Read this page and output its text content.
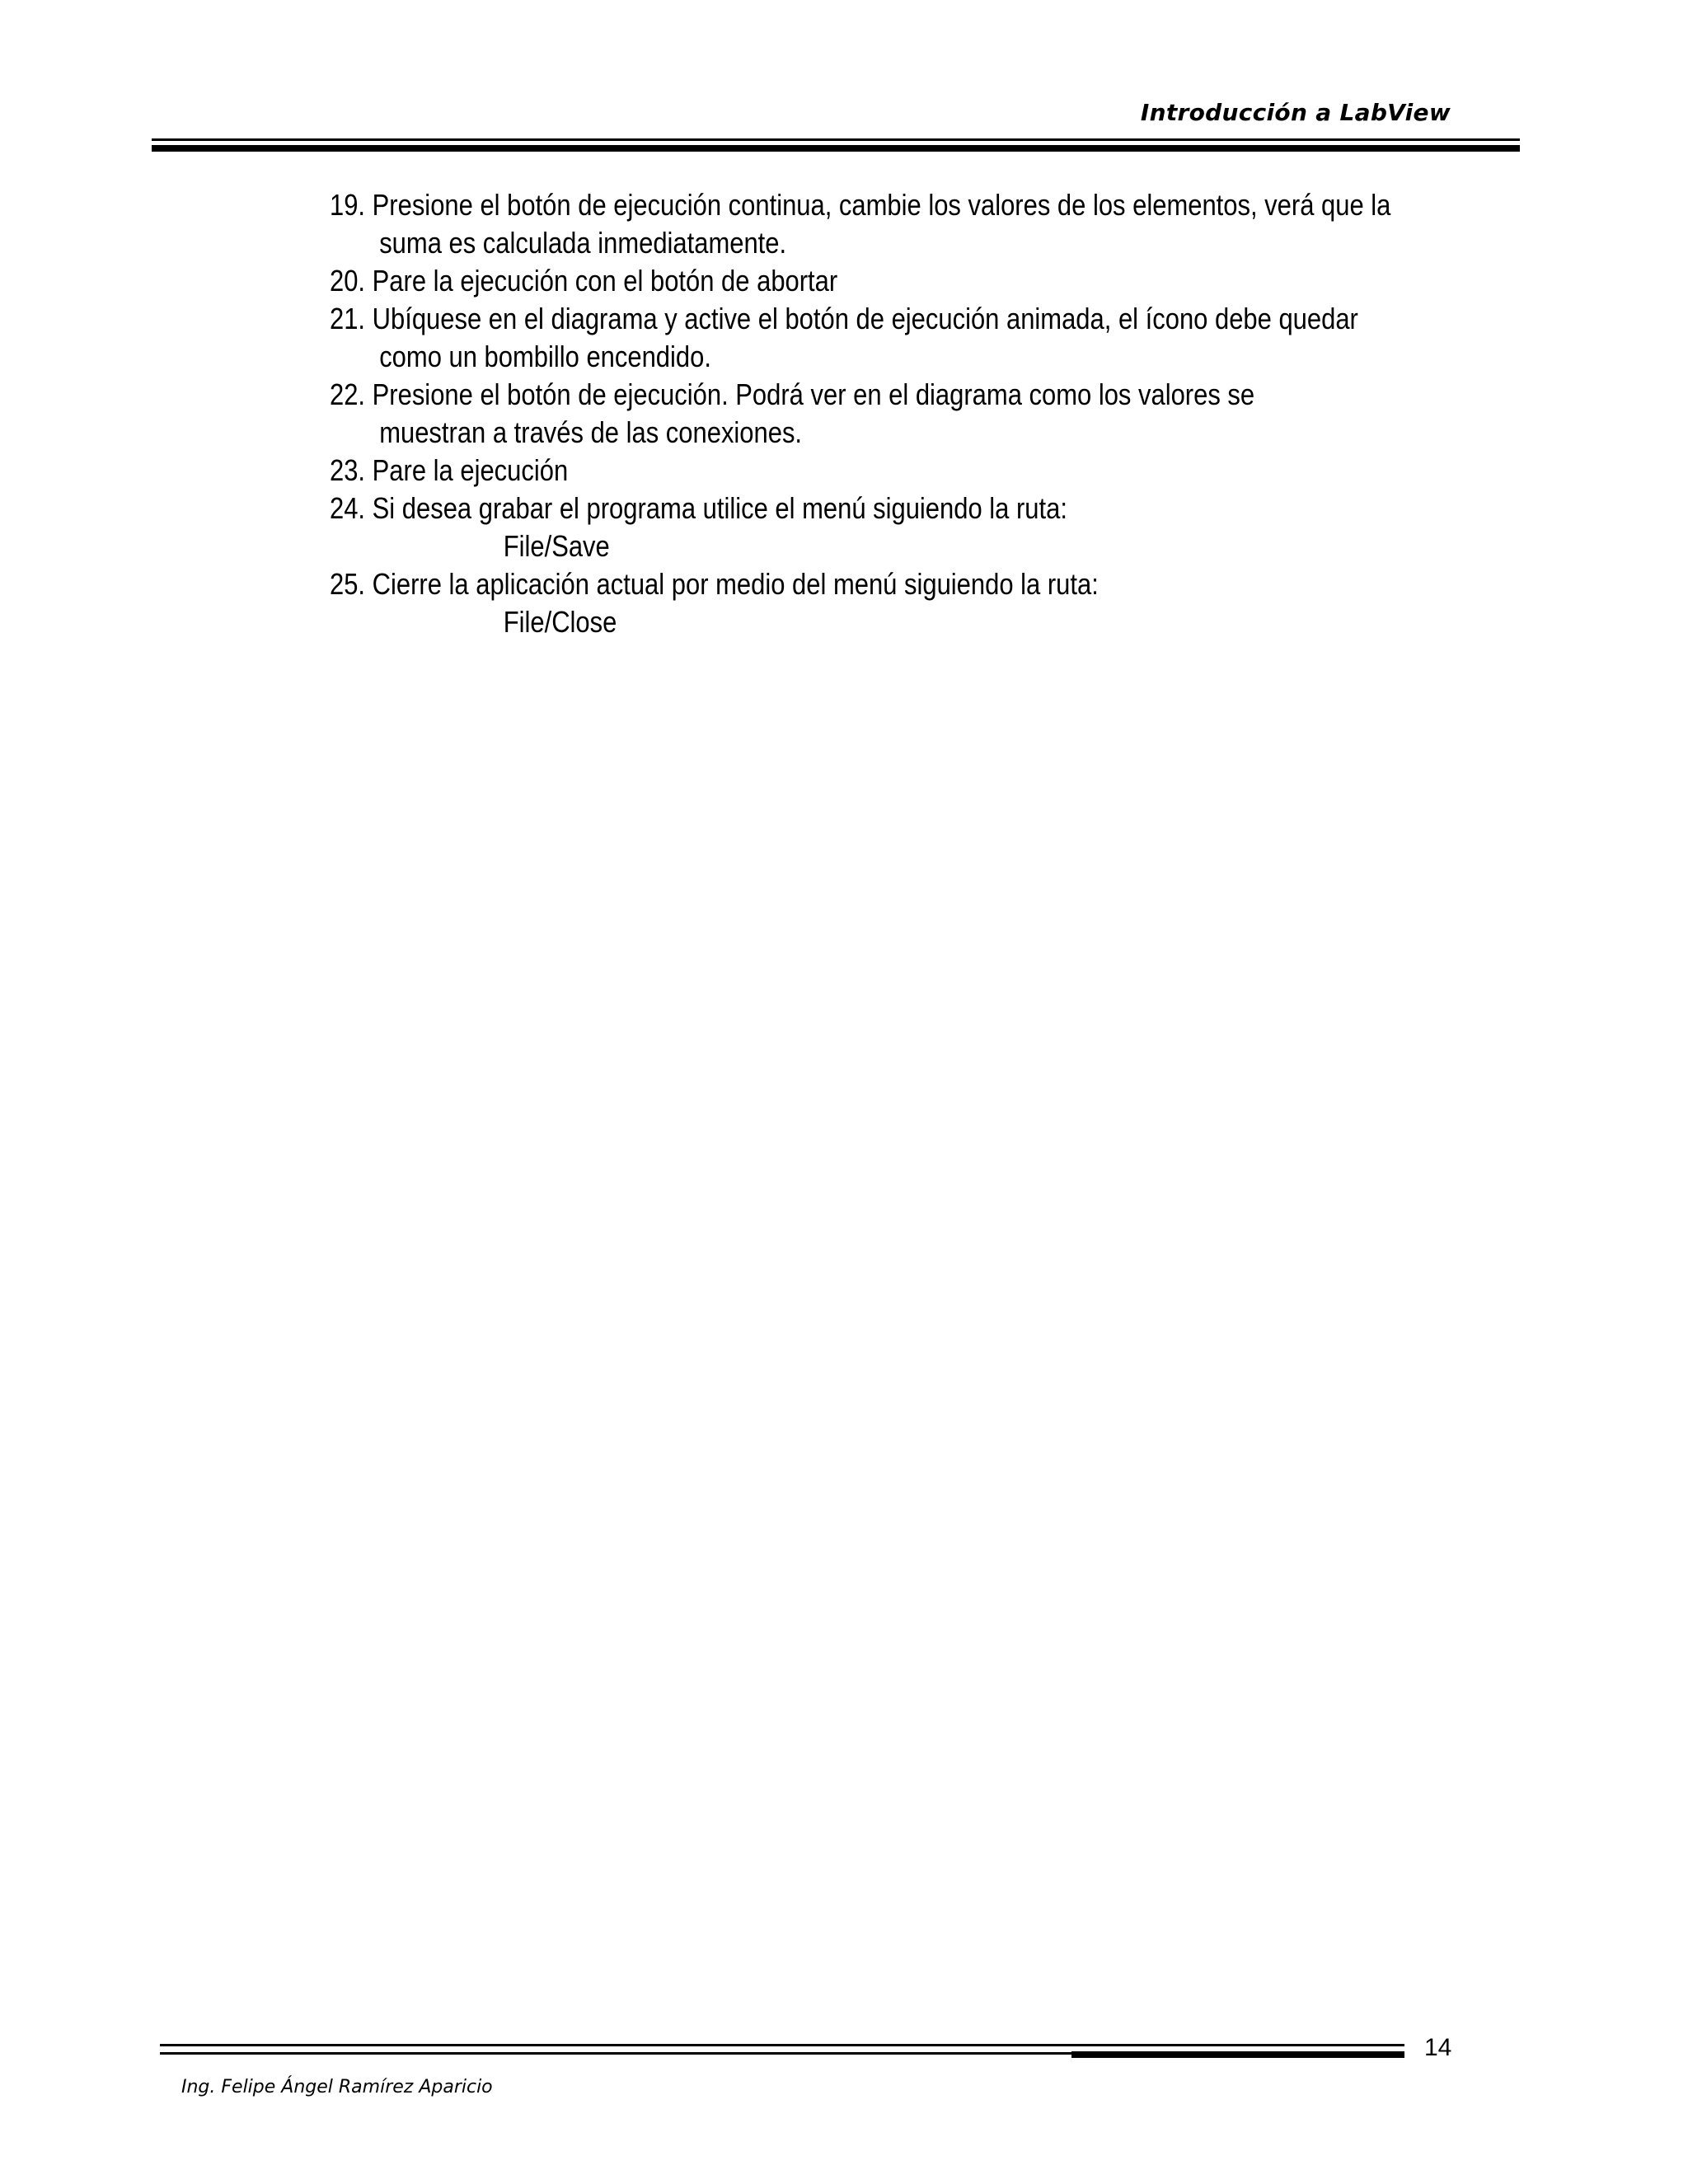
Introducción a LabView
19. Presione el botón de ejecución continua, cambie los valores de los elementos, verá que la
suma es calculada inmediatamente.
20. Pare la ejecución con el botón de abortar
21. Ubíquese en el diagrama y active el botón de ejecución animada, el ícono debe quedar
como un bombillo encendido.
22. Presione el botón de ejecución. Podrá ver en el diagrama como los valores se
muestran a través de las conexiones.
23. Pare la ejecución
24. Si desea grabar el programa utilice el menú siguiendo la ruta:
File/Save
25. Cierre la aplicación actual por medio del menú siguiendo la ruta:
File/Close
14
Ing. Felipe Ángel Ramírez Aparicio
